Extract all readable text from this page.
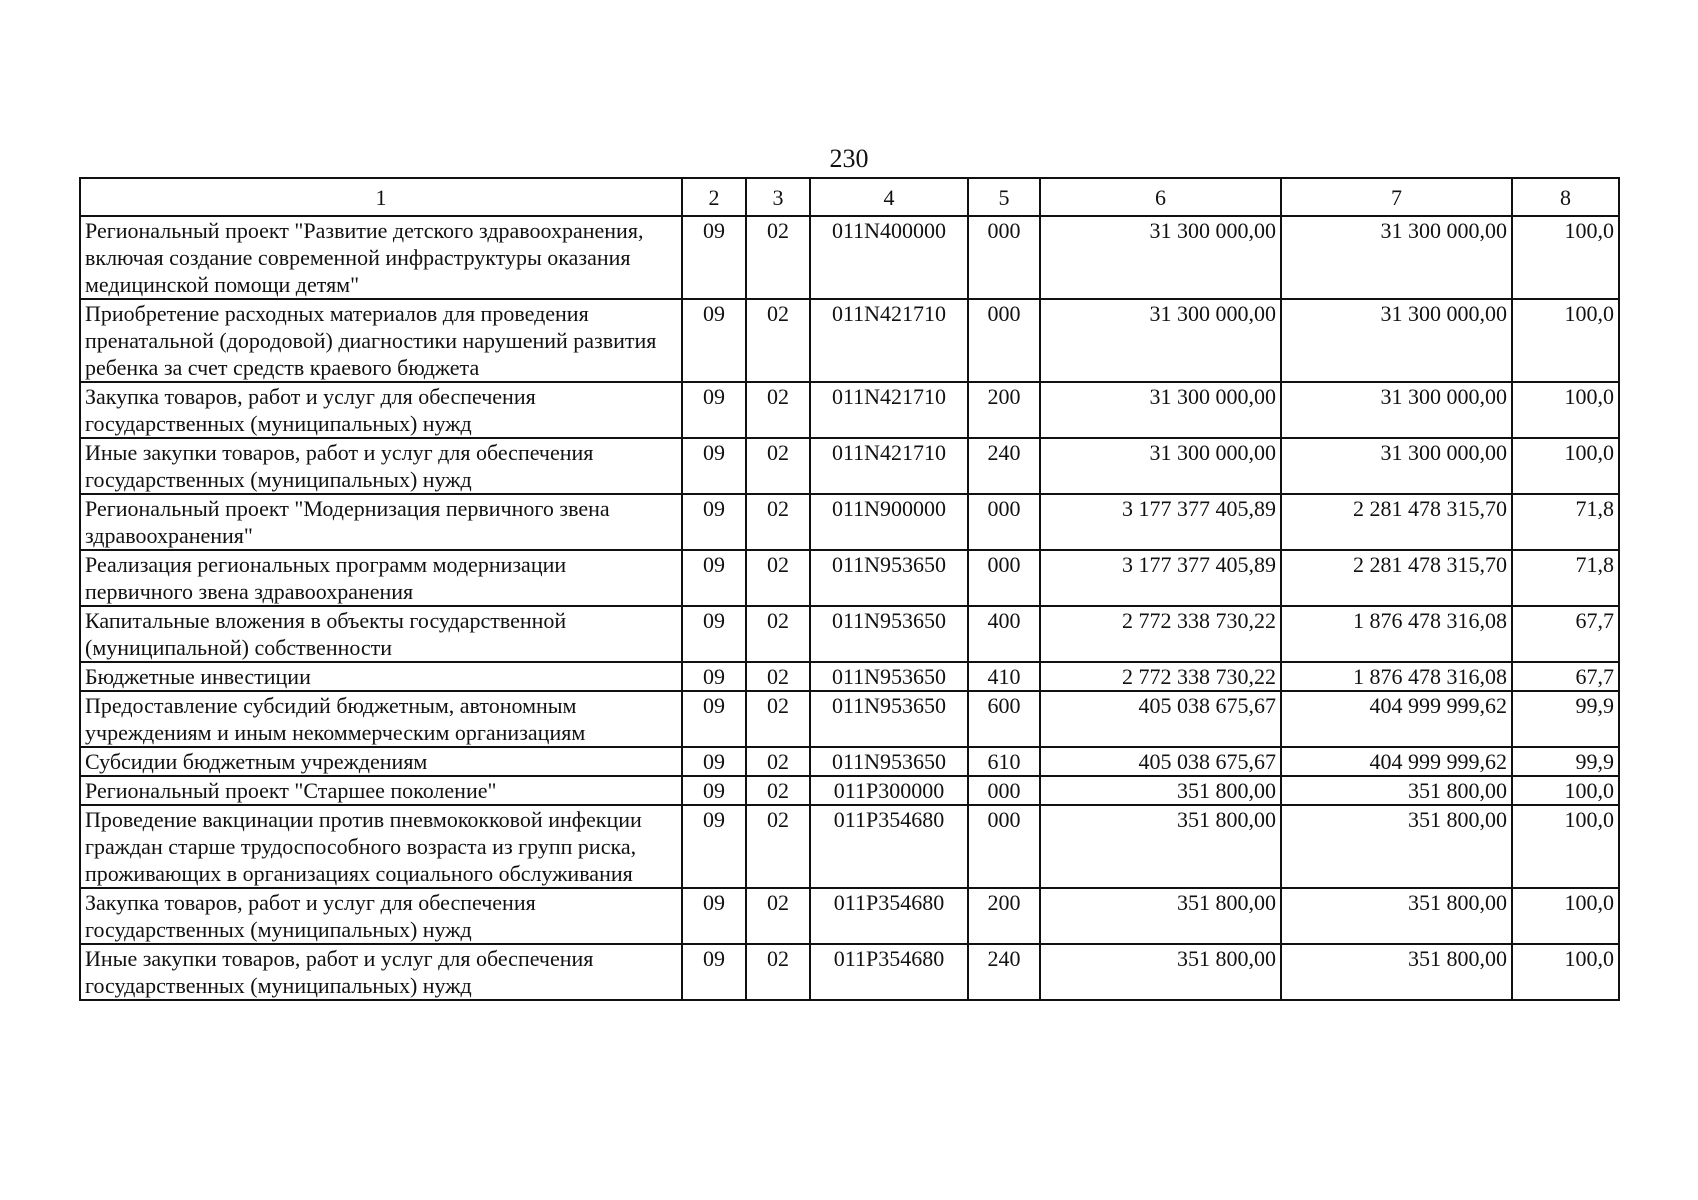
230
1	2	3	4	5	6	7	8
Региональный проект "Развитие детского здравоохранения, включая создание современной инфраструктуры оказания медицинской помощи детям"	09	02	011N400000	000	31 300 000,00	31 300 000,00	100,0
Приобретение расходных материалов для проведения пренатальной (дородовой) диагностики нарушений развития ребенка за счет средств краевого бюджета	09	02	011N421710	000	31 300 000,00	31 300 000,00	100,0
Закупка товаров, работ и услуг для обеспечения государственных (муниципальных) нужд	09	02	011N421710	200	31 300 000,00	31 300 000,00	100,0
Иные закупки товаров, работ и услуг для обеспечения государственных (муниципальных) нужд	09	02	011N421710	240	31 300 000,00	31 300 000,00	100,0
Региональный проект "Модернизация первичного звена здравоохранения"	09	02	011N900000	000	3 177 377 405,89	2 281 478 315,70	71,8
Реализация региональных программ модернизации первичного звена здравоохранения	09	02	011N953650	000	3 177 377 405,89	2 281 478 315,70	71,8
Капитальные вложения в объекты государственной (муниципальной) собственности	09	02	011N953650	400	2 772 338 730,22	1 876 478 316,08	67,7
Бюджетные инвестиции	09	02	011N953650	410	2 772 338 730,22	1 876 478 316,08	67,7
Предоставление субсидий бюджетным, автономным учреждениям и иным некоммерческим организациям	09	02	011N953650	600	405 038 675,67	404 999 999,62	99,9
Субсидии бюджетным учреждениям	09	02	011N953650	610	405 038 675,67	404 999 999,62	99,9
Региональный проект "Старшее поколение"	09	02	011P300000	000	351 800,00	351 800,00	100,0
Проведение вакцинации против пневмококковой инфекции граждан старше трудоспособного возраста из групп риска, проживающих в организациях социального обслуживания	09	02	011P354680	000	351 800,00	351 800,00	100,0
Закупка товаров, работ и услуг для обеспечения государственных (муниципальных) нужд	09	02	011P354680	200	351 800,00	351 800,00	100,0
Иные закупки товаров, работ и услуг для обеспечения государственных (муниципальных) нужд	09	02	011P354680	240	351 800,00	351 800,00	100,0
